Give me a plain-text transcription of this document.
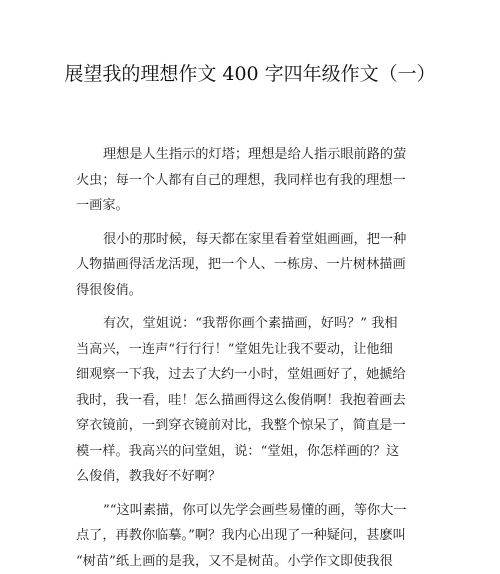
展望我的理想作文 400 字四年级作文（一）
理想是人生指示的灯塔；理想是给人指示眼前路的萤
火虫；每一个人都有自己的理想，我同样也有我的理想一
一画家。
很小的那时候，每天都在家里看着堂姐画画，把一种
人物描画得活龙活现，把一个人、一栋房、一片树林描画
得很俊俏。
有次，堂姐说：“我帮你画个素描画，好吗？” 我相
当高兴，一连声“行行行！”堂姐先让我不要动，让他细
细观察一下我，过去了大约一小时，堂姐画好了，她搋给
我时，我一看，哇！怎么描画得这么俊俏啊！我抱着画去
穿衣镜前，一到穿衣镜前对比，我整个惊呆了，简直是一
模一样。我高兴的问堂姐，说：“堂姐，你怎样画的？这
么俊俏，教我好不好啊？
”“这叫素描，你可以先学会画些易懂的画，等你大一
点了，再教你临摹。”啊？我内心出现了一种疑问，甚麽叫
“树苗”纸上画的是我，又不是树苗。小学作文即使我很
